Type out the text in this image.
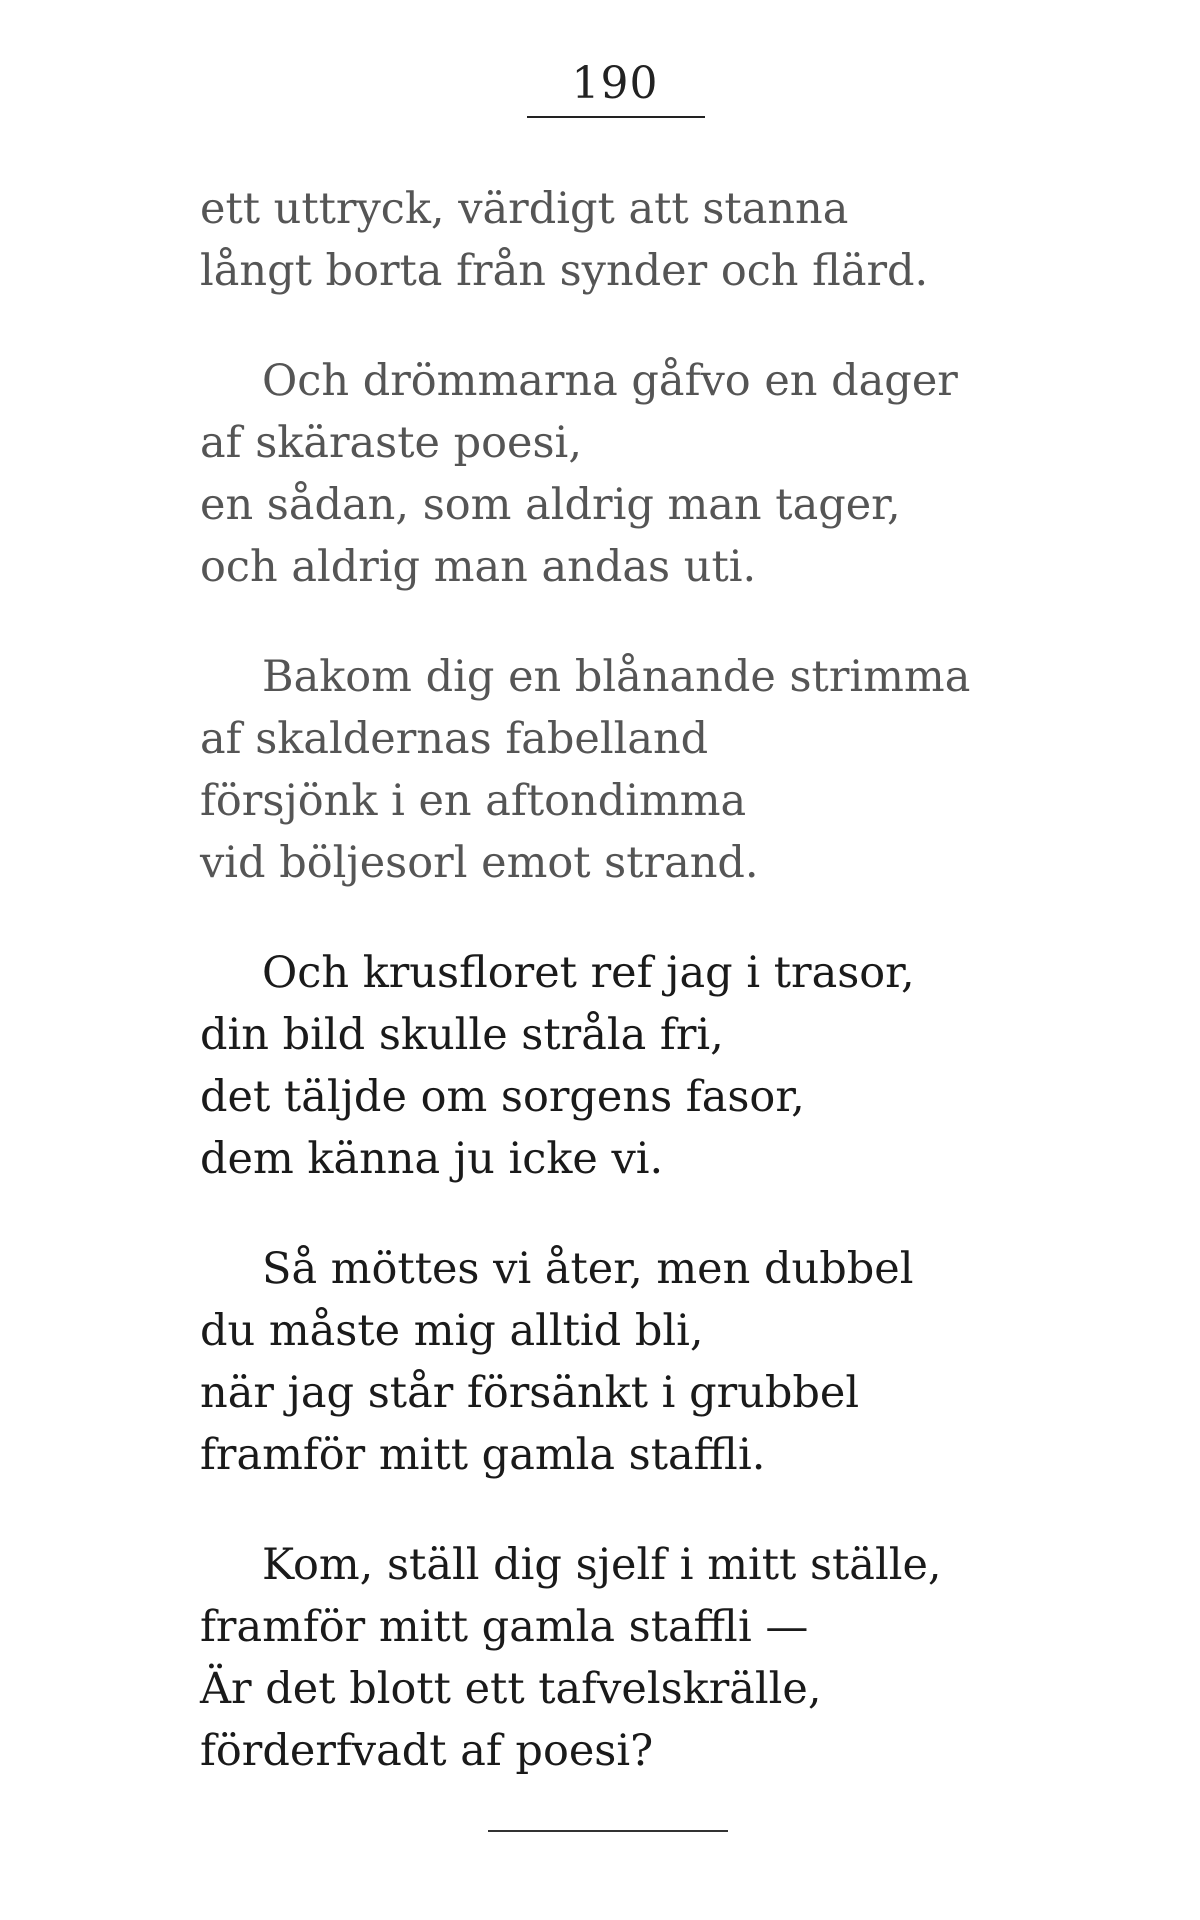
190
ett uttryck, värdigt att stanna
långt borta från synder och flärd.
Och drömmarna gåfvo en dager
af skäraste poesi,
en sådan, som aldrig man tager,
och aldrig man andas uti.
Bakom dig en blånande strimma
af skaldernas fabelland
försjönk i en aftondimma
vid böljesorl emot strand.
Och krusfloret ref jag i trasor,
din bild skulle stråla fri,
det täljde om sorgens fasor,
dem känna ju icke vi.
Så möttes vi åter, men dubbel
du måste mig alltid bli,
när jag står försänkt i grubbel
framför mitt gamla staffli.
Kom, ställ dig sjelf i mitt ställe,
framför mitt gamla staffli —
Är det blott ett tafvelskrälle,
förderfvadt af poesi?
